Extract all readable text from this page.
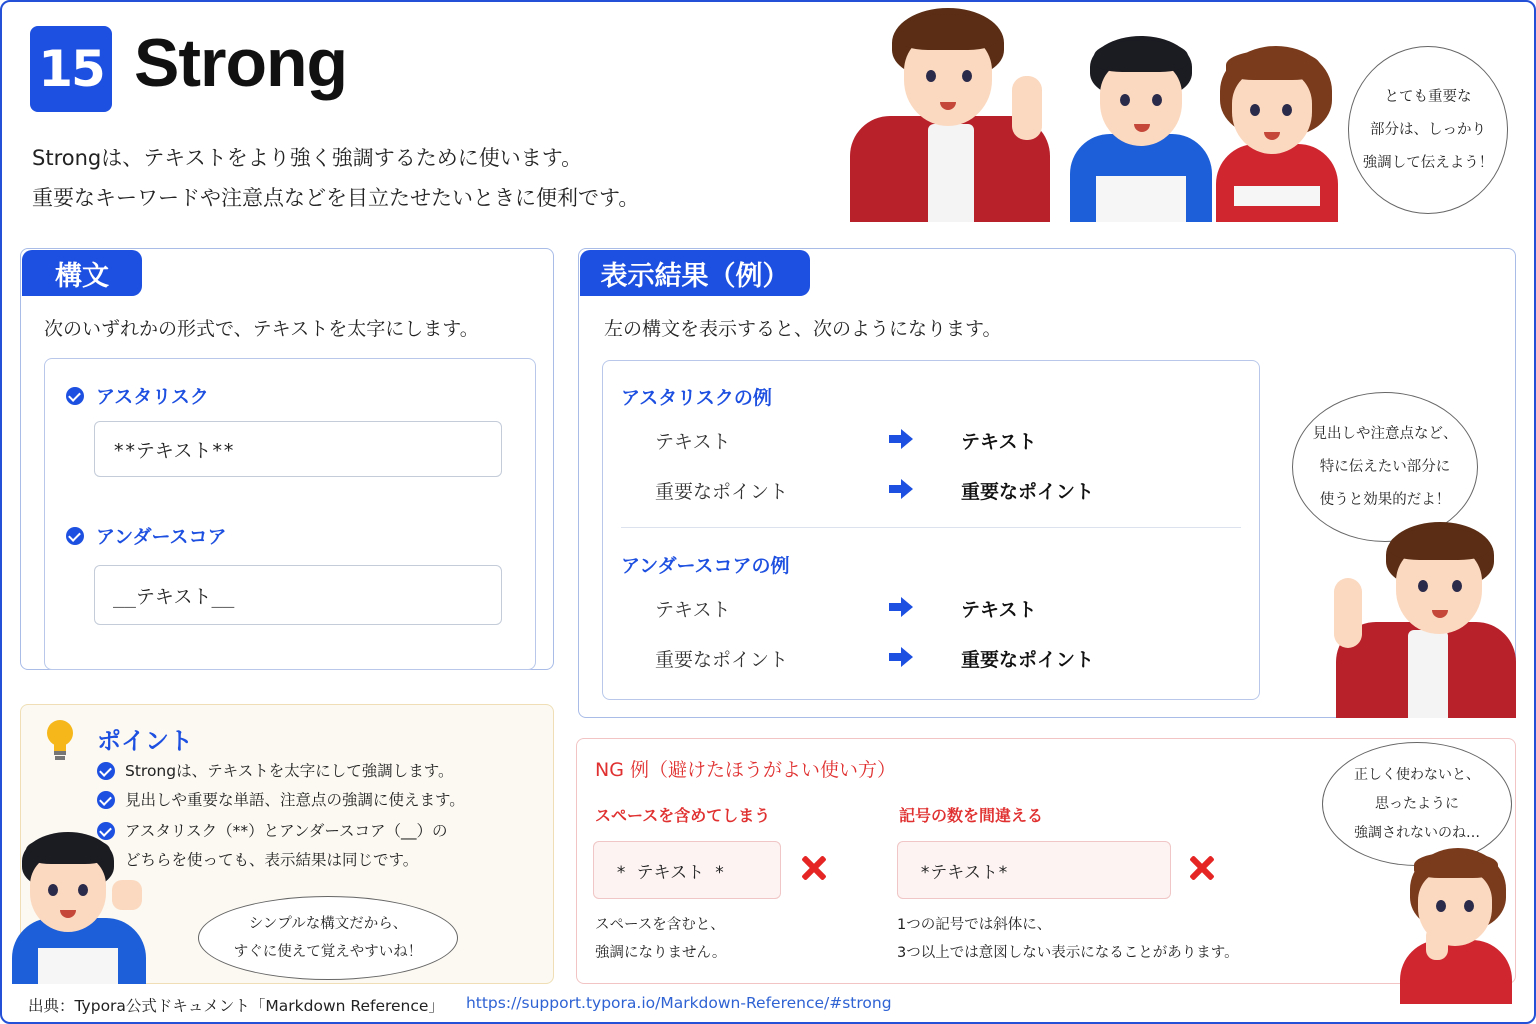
15 Strong
Strongは、テキストをより強く強調するために使います。
重要なキーワードや注意点などを目立たせたいときに便利です。
とても重要な
部分は、しっかり
強調して伝えよう！
構文
次のいずれかの形式で、テキストを太字にします。
アスタリスク
**テキスト**
アンダースコア
__テキスト__
表示結果（例）
左の構文を表示すると、次のようになります。
アスタリスクの例
テキスト	テキスト
重要なポイント	重要なポイント
アンダースコアの例
テキスト	テキスト
重要なポイント	重要なポイント
見出しや注意点など、
特に伝えたい部分に
使うと効果的だよ！
ポイント
Strongは、テキストを太字にして強調します。
見出しや重要な単語、注意点の強調に使えます。
アスタリスク（**）とアンダースコア（__）の
どちらを使っても、表示結果は同じです。
シンプルな構文だから、
すぐに使えて覚えやすいね！
NG 例（避けたほうがよい使い方）
スペースを含めてしまう
* テキスト *
スペースを含むと、
強調になりません。
記号の数を間違える
*テキスト*
1つの記号では斜体に、
3つ以上では意図しない表示になることがあります。
正しく使わないと、
思ったように
強調されないのね…
出典：Typora公式ドキュメント「Markdown Reference」 https://support.typora.io/Markdown-Reference/#strong
